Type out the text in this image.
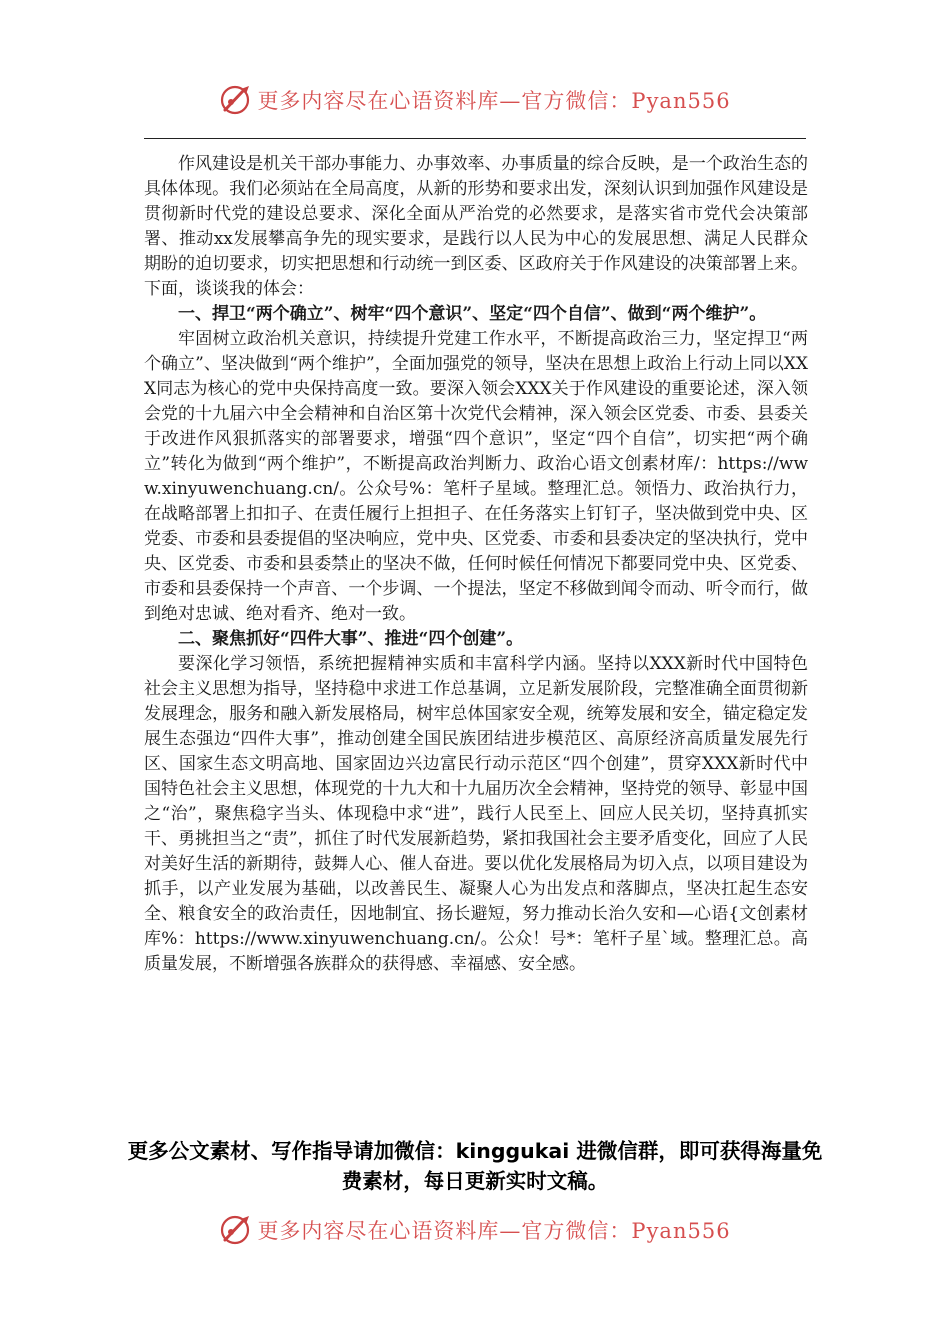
更多内容尽在心语资料库—官方微信：Pyan556

作风建设是机关干部办事能力、办事效率、办事质量的综合反映，是一个政治生态的具体体现。我们必须站在全局高度，从新的形势和要求出发，深刻认识到加强作风建设是贯彻新时代党的建设总要求、深化全面从严治党的必然要求，是落实省市党代会决策部署、推动xx发展攀高争先的现实要求，是践行以人民为中心的发展思想、满足人民群众期盼的迫切要求，切实把思想和行动统一到区委、区政府关于作风建设的决策部署上来。下面，谈谈我的体会：

一、捍卫“两个确立”、树牢“四个意识”、坚定“四个自信”、做到“两个维护”。

牢固树立政治机关意识，持续提升党建工作水平，不断提高政治三力，坚定捍卫“两个确立”、坚决做到“两个维护”，全面加强党的领导，坚决在思想上政治上行动上同以XXX同志为核心的党中央保持高度一致。要深入领会XXX关于作风建设的重要论述，深入领会党的十九届六中全会精神和自治区第十次党代会精神，深入领会区党委、市委、县委关于改进作风狠抓落实的部署要求，增强“四个意识”，坚定“四个自信”，切实把“两个确立”转化为做到“两个维护”，不断提高政治判断力、政治心语文创素材库/：https://www.xinyuwenchuang.cn/。公众号%：笔杆子星域。整理汇总。领悟力、政治执行力，在战略部署上扣扣子、在责任履行上担担子、在任务落实上钉钉子，坚决做到党中央、区党委、市委和县委提倡的坚决响应，党中央、区党委、市委和县委决定的坚决执行，党中央、区党委、市委和县委禁止的坚决不做，任何时候任何情况下都要同党中央、区党委、市委和县委保持一个声音、一个步调、一个提法，坚定不移做到闻令而动、听令而行，做到绝对忠诚、绝对看齐、绝对一致。

二、聚焦抓好“四件大事”、推进“四个创建”。

要深化学习领悟，系统把握精神实质和丰富科学内涵。坚持以XXX新时代中国特色社会主义思想为指导，坚持稳中求进工作总基调，立足新发展阶段，完整准确全面贯彻新发展理念，服务和融入新发展格局，树牢总体国家安全观，统筹发展和安全，锚定稳定发展生态强边“四件大事”，推动创建全国民族团结进步模范区、高原经济高质量发展先行区、国家生态文明高地、国家固边兴边富民行动示范区“四个创建”，贯穿XXX新时代中国特色社会主义思想，体现党的十九大和十九届历次全会精神，坚持党的领导、彰显中国之“治”，聚焦稳字当头、体现稳中求“进”，践行人民至上、回应人民关切，坚持真抓实干、勇挑担当之“责”，抓住了时代发展新趋势，紧扣我国社会主要矛盾变化，回应了人民对美好生活的新期待，鼓舞人心、催人奋进。要以优化发展格局为切入点，以项目建设为抓手，以产业发展为基础，以改善民生、凝聚人心为出发点和落脚点，坚决扛起生态安全、粮食安全的政治责任，因地制宜、扬长避短，努力推动长治久安和—心语{文创素材库%：https://www.xinyuwenchuang.cn/。公众！号*：笔杆子星`域。整理汇总。高质量发展，不断增强各族群众的获得感、幸福感、安全感。

更多公文素材、写作指导请加微信：kinggukai 进微信群，即可获得海量免费素材，每日更新实时文稿。
更多内容尽在心语资料库—官方微信：Pyan556
